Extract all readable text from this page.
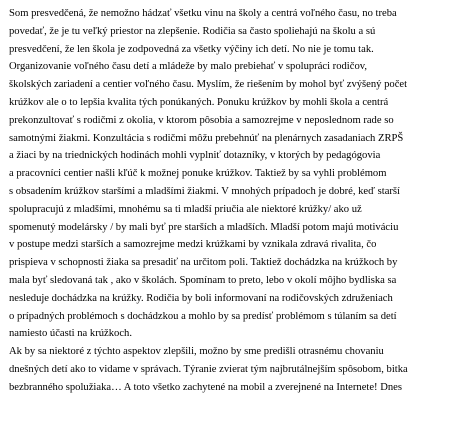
Som presvedčená, že nemožno hádzať všetku vinu na školy a centrá voľného času, no treba
povedať, že je tu veľký priestor na zlepšenie. Rodičia sa často spoliehajú na školu a sú
presvedčení, že len škola je zodpovedná za všetky výčiny ich detí. No nie je tomu tak.
Organizovanie voľného času detí a mládeže by malo prebiehať v spolupráci rodičov,
školských zariadení a centier voľného času. Myslím, že riešením by mohol byť zvýšený počet
krúžkov ale o to lepšia kvalita tých ponúkaných. Ponuku krúžkov by mohli škola a centrá
prekonzultovať s rodičmi z okolia, v ktorom pôsobia a samozrejme v neposlednom rade so
samotnými žiakmi. Konzultácia s rodičmi môžu prebehnúť na plenárnych zasadaniach ZRPŠ
a žiaci by na triednických hodinách mohli vyplniť dotazníky, v ktorých by pedagógovia
a pracovníci centier našli kľúč k možnej ponuke krúžkov. Taktiež by sa vyhli problémom
s obsadením krúžkov staršími a mladšími žiakmi. V mnohých prípadoch je dobré, keď starší
spolupracujú z mladšími, mnohému sa ti mladší priučia ale niektoré krúžky/ ako už
spomenutý modelársky / by mali byť pre starších a mladších. Mladší potom majú motiváciu
v postupe medzi starších a samozrejme medzi krúžkami by vznikala zdravá rivalita, čo
prispieva v schopnosti žiaka sa presadiť na určitom poli. Taktiež dochádzka na krúžkoch by
mala byť sledovaná tak , ako v školách. Spomínam to preto, lebo v okolí môjho bydliska sa
nesleduje dochádzka na krúžky. Rodičia by boli informovaní na rodičovských združeniach
o prípadných problémoch s dochádzkou a mohlo by sa predísť problémom s túlaním sa detí
namiesto účasti na krúžkoch.
Ak by sa niektoré z týchto aspektov zlepšili, možno by sme predišli otrasnému chovaniu
dnešných detí ako to vidame v správach. Týranie zvierat tým najbrutálnejším spôsobom, bitka
bezbranného spolužiaka… A toto všetko zachytené na mobil a zverejnené na Internete! Dnes
